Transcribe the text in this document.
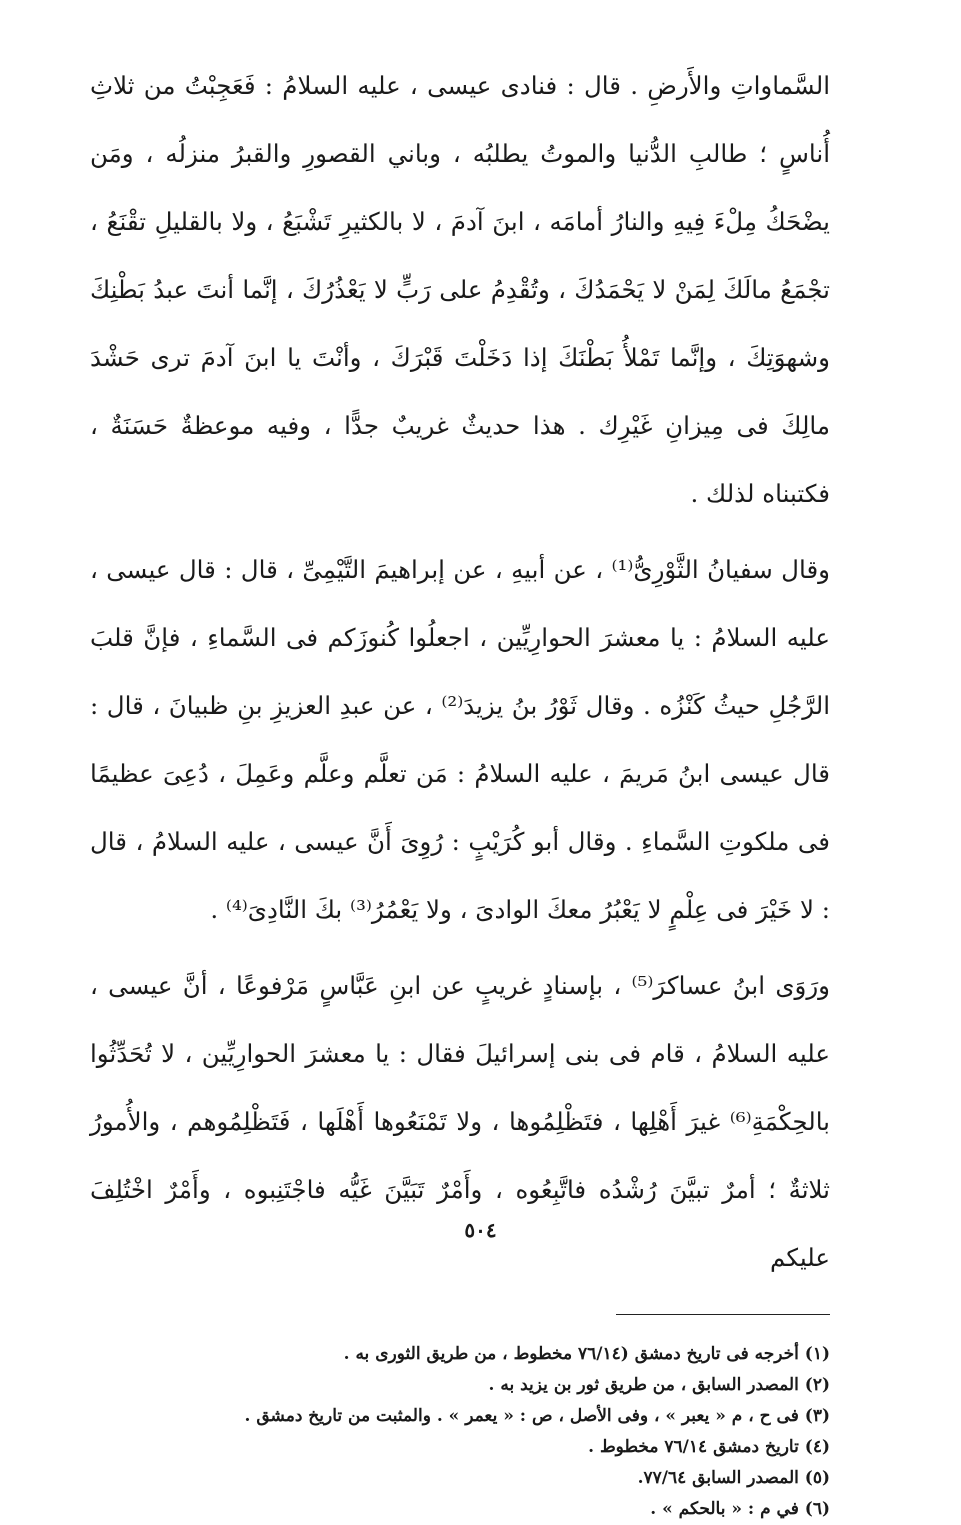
السَّماواتِ والأَرضِ . قال : فنادى عيسى ، عليه السلامُ : فَعَجِبْتُ من ثلاثِ أُناسٍ ؛ طالبِ الدُّنيا والموتُ يطلبُه ، وباني القصورِ والقبرُ منزلُه ، ومَن يضْحَكُ مِلْءَ فِيهِ والنارُ أمامَه ، ابنَ آدمَ ، لا بالكثيرِ تَشْبَعُ ، ولا بالقليلِ تقْنَعُ ، تجْمَعُ مالَكَ لِمَنْ لا يَحْمَدُكَ ، وتُقْدِمُ على رَبٍّ لا يَعْذُرُكَ ، إنَّما أنتَ عبدُ بَطْنِكَ وشهوَتِكَ ، وإنَّما تَمْلأُ بَطْنَكَ إذا دَخَلْتَ قَبْرَكَ ، وأنْتَ يا ابنَ آدمَ ترى حَشْدَ مالِكَ فى مِيزانِ غَيْرِك . هذا حديثٌ غريبٌ جدًّا ، وفيه موعظةٌ حَسَنَةٌ ، فكتبناه لذلك .

وقال سفيانُ الثَّوْرِىُّ⁽¹⁾ ، عن أبيهِ ، عن إبراهيمَ التَّيْمِىِّ ، قال : قال عيسى ، عليه السلامُ : يا معشرَ الحوارِيِّين ، اجعلُوا كُنوزَكم فى السَّماءِ ، فإنَّ قلبَ الرَّجُلِ حيثُ كَنْزُه . وقال ثَوْرُ بنُ يزيدَ⁽²⁾ ، عن عبدِ العزيزِ بنِ ظبيانَ ، قال : قال عيسى ابنُ مَريمَ ، عليه السلامُ : مَن تعلَّم وعلَّم وعَمِلَ ، دُعِىَ عظيمًا فى ملكوتِ السَّماءِ . وقال أبو كُرَيْبٍ : رُوِىَ أَنَّ عيسى ، عليه السلامُ ، قال : لا خَيْرَ فى عِلْمٍ لا يَعْبُرُ معكَ الوادىَ ، ولا يَعْمُرُ⁽³⁾ بكَ النَّادِىَ⁽⁴⁾ .

ورَوَى ابنُ عساكرَ⁽⁵⁾ ، بإسنادٍ غريبٍ عن ابنِ عَبَّاسٍ مَرْفوعًا ، أنَّ عيسى ، عليه السلامُ ، قام فى بنى إسرائيلَ فقال : يا معشرَ الحوارِيِّين ، لا تُحَدِّثُوا بالحِكْمَةِ⁽⁶⁾ غيرَ أَهْلِها ، فتَظْلِمُوها ، ولا تَمْنَعُوها أَهْلَها ، فَتَظْلِمُوهم ، والأُمورُ ثلاثةٌ ؛ أمرٌ تبيَّنَ رُشْدُه فاتَّبِعُوه ، وأَمْرٌ تَبَيَّنَ غَيُّه فاجْتَنِبوه ، وأَمْرٌ اخْتُلِفَ عليكم

(١) أخرجه فى تاريخ دمشق (٧٦/١٤ مخطوط ، من طريق الثورى به .
(٢) المصدر السابق ، من طريق ثور بن يزيد به .
(٣) فى ح ، م « يعبر » ، وفى الأصل ، ص : « يعمر » . والمثبت من تاريخ دمشق .
(٤) تاريخ دمشق ٧٦/١٤ مخطوط .
(٥) المصدر السابق ٧٧/٦٤.
(٦) في م : « بالحكم » .
٥٠٤
